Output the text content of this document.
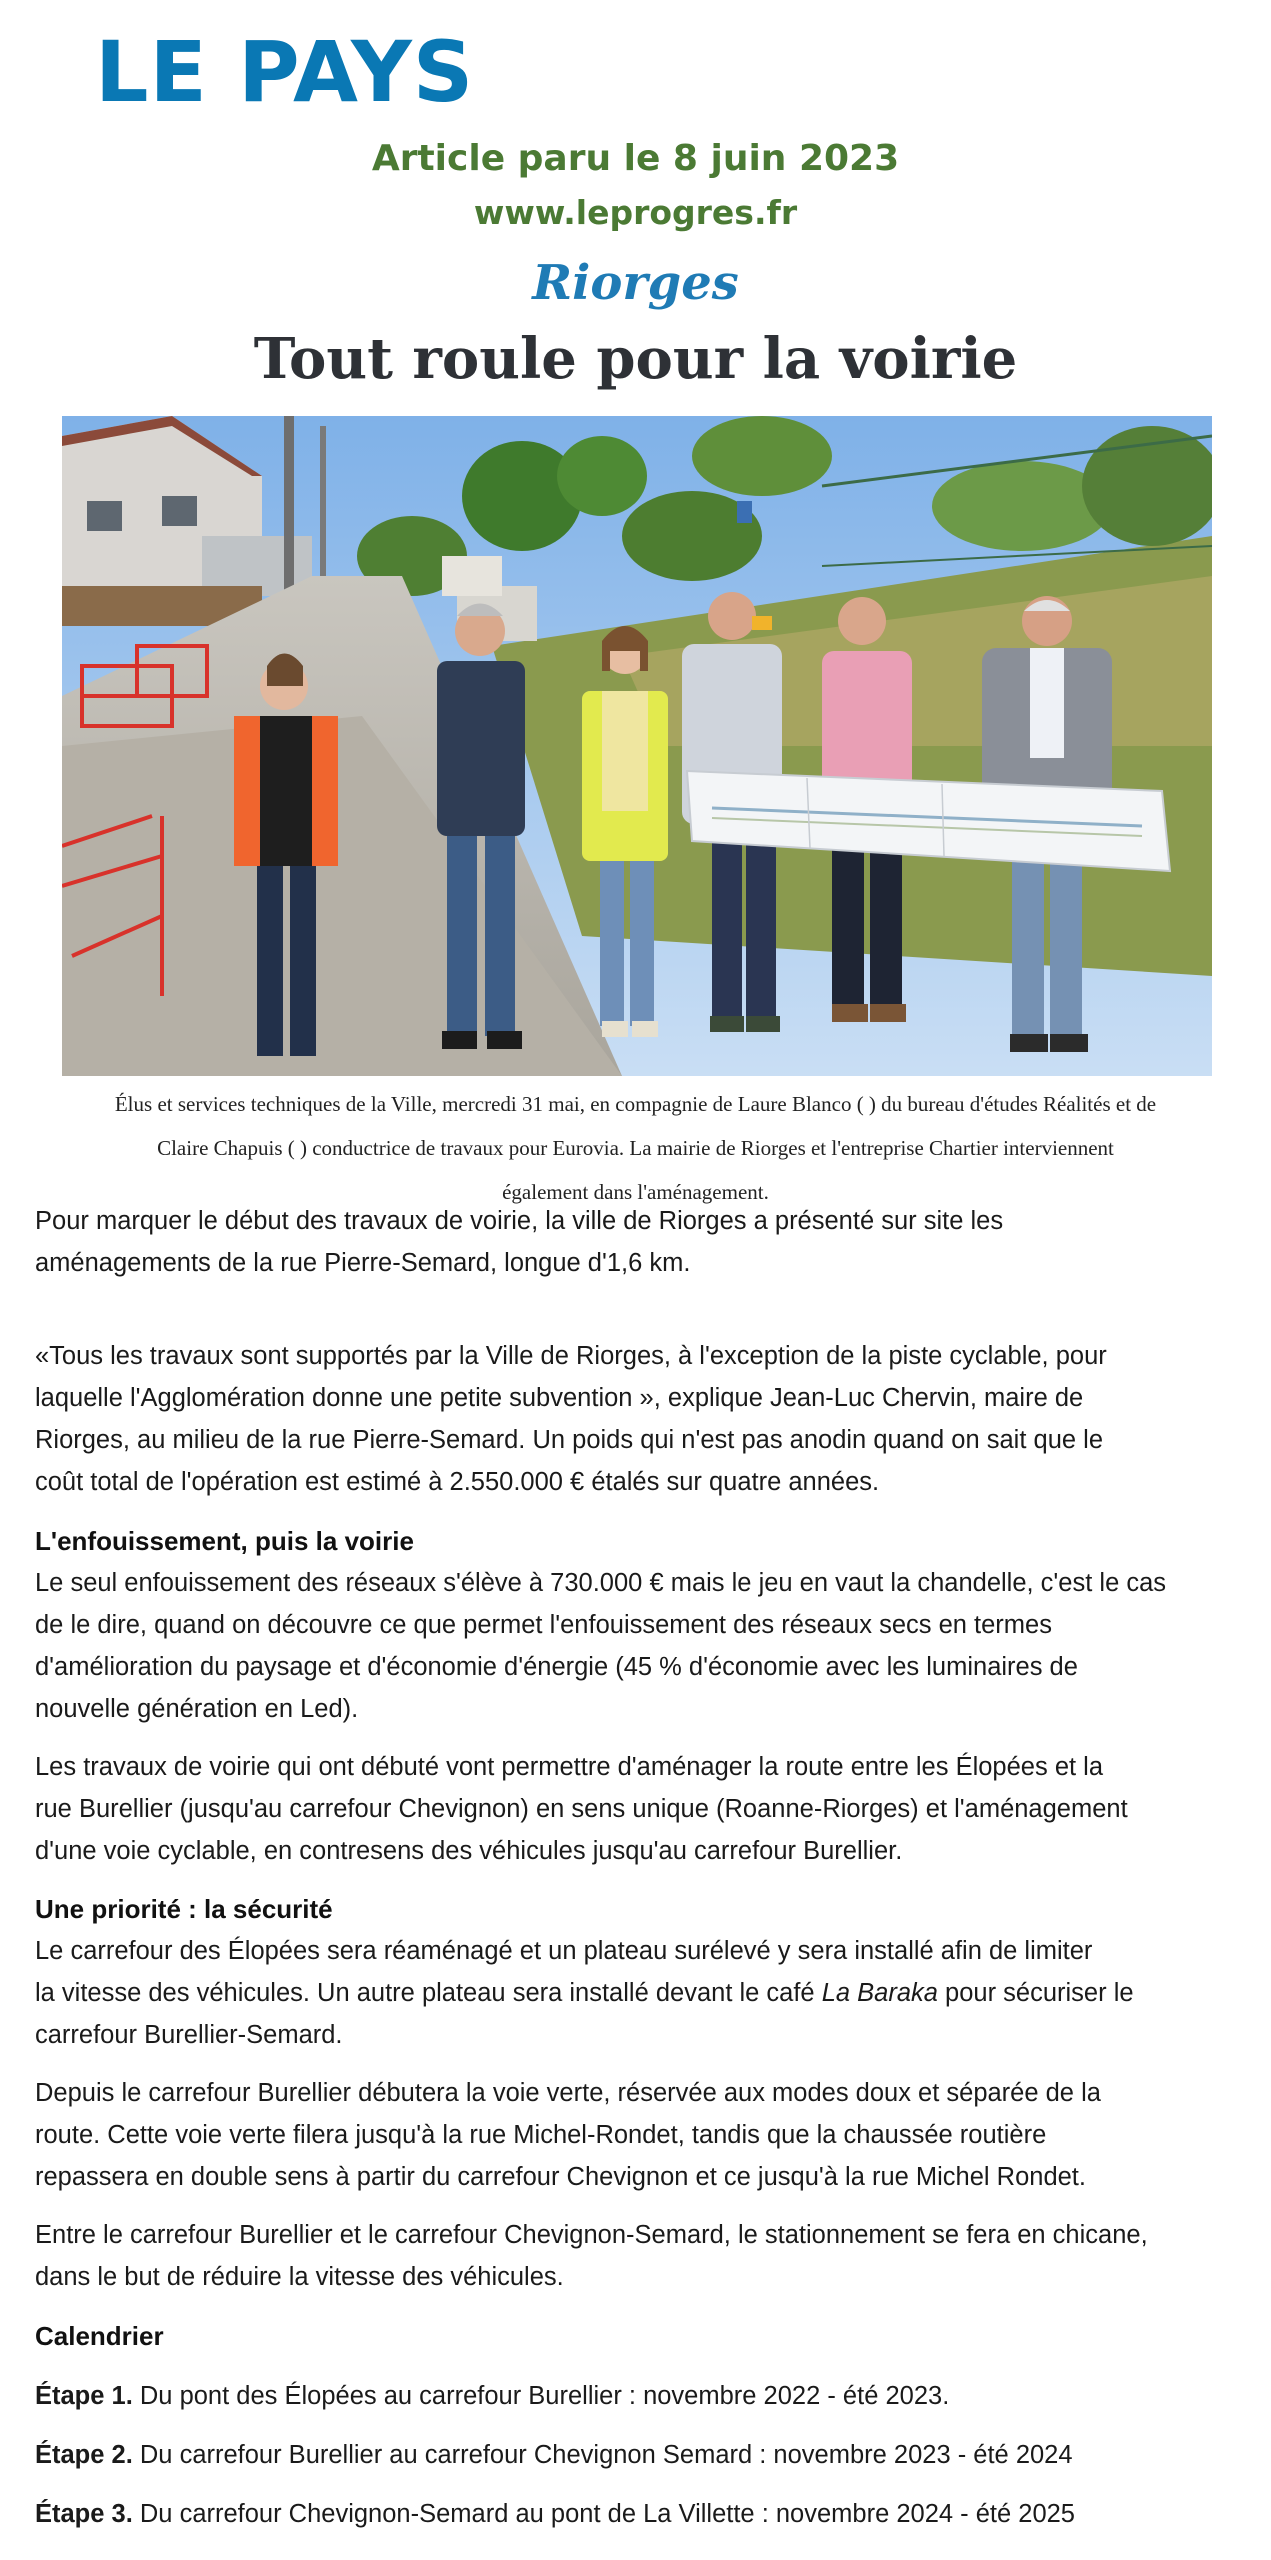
LE PAYS
Article paru le 8 juin 2023
www.leprogres.fr
Riorges
Tout roule pour la voirie
Élus et services techniques de la Ville, mercredi 31 mai, en compagnie de Laure Blanco ( ) du bureau d'études Réalités et de
Claire Chapuis ( ) conductrice de travaux pour Eurovia. La mairie de Riorges et l'entreprise Chartier interviennent
également dans l'aménagement.
Pour marquer le début des travaux de voirie, la ville de Riorges a présenté sur site les
aménagements de la rue Pierre-Semard, longue d'1,6 km.
«Tous les travaux sont supportés par la Ville de Riorges, à l'exception de la piste cyclable, pour
laquelle l'Agglomération donne une petite subvention », explique Jean-Luc Chervin, maire de
Riorges, au milieu de la rue Pierre-Semard. Un poids qui n'est pas anodin quand on sait que le
coût total de l'opération est estimé à 2.550.000 € étalés sur quatre années.
L'enfouissement, puis la voirie
Le seul enfouissement des réseaux s'élève à 730.000 € mais le jeu en vaut la chandelle, c'est le cas
de le dire, quand on découvre ce que permet l'enfouissement des réseaux secs en termes
d'amélioration du paysage et d'économie d'énergie (45 % d'économie avec les luminaires de
nouvelle génération en Led).
Les travaux de voirie qui ont débuté vont permettre d'aménager la route entre les Élopées et la
rue Burellier (jusqu'au carrefour Chevignon) en sens unique (Roanne-Riorges) et l'aménagement
d'une voie cyclable, en contresens des véhicules jusqu'au carrefour Burellier.
Une priorité : la sécurité
Le carrefour des Élopées sera réaménagé et un plateau surélevé y sera installé afin de limiter
la vitesse des véhicules. Un autre plateau sera installé devant le café La Baraka pour sécuriser le
carrefour Burellier-Semard.
Depuis le carrefour Burellier débutera la voie verte, réservée aux modes doux et séparée de la
route. Cette voie verte filera jusqu'à la rue Michel-Rondet, tandis que la chaussée routière
repassera en double sens à partir du carrefour Chevignon et ce jusqu'à la rue Michel Rondet.
Entre le carrefour Burellier et le carrefour Chevignon-Semard, le stationnement se fera en chicane,
dans le but de réduire la vitesse des véhicules.
Calendrier
Étape 1. Du pont des Élopées au carrefour Burellier : novembre 2022 - été 2023.
Étape 2. Du carrefour Burellier au carrefour Chevignon Semard : novembre 2023 - été 2024
Étape 3. Du carrefour Chevignon-Semard au pont de La Villette : novembre 2024 - été 2025
